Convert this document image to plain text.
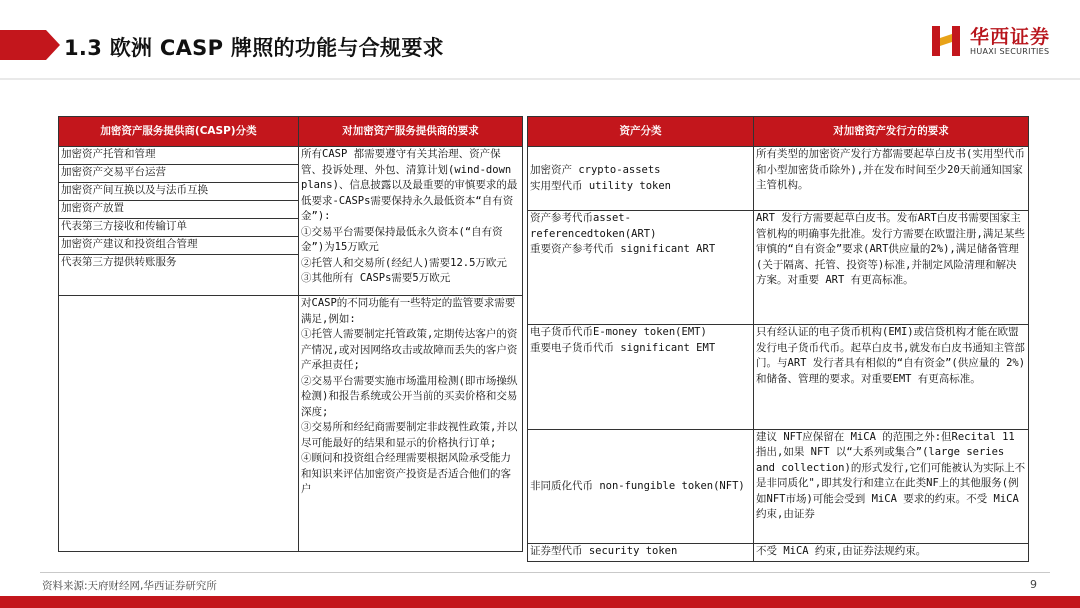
1.3 欧洲 CASP 牌照的功能与合规要求	华西证券
HUAXI SECURITIES
加密资产服务提供商(CASP)分类	对加密资产服务提供商的要求
加密资产托管和管理	所有CASP 都需要遵守有关其治理、资产保管、投诉处理、外包、清算计划(wind-down plans)、信息披露以及最重要的审慎要求的最低要求-CASPs需要保持永久最低资本“自有资金”):
①交易平台需要保持最低永久资本(“自有资金”)为15万欧元
②托管人和交易所(经纪人)需要12.5万欧元
③其他所有 CASPs需要5万欧元
加密资产交易平台运营	
加密资产间互换以及与法币互换	
加密资产放置	
代表第三方接收和传输订单	
加密资产建议和投资组合管理	
代表第三方提供转账服务	
	对CASP的不同功能有一些特定的监管要求需要满足,例如:
①托管人需要制定托管政策,定期传达客户的资产情况,或对因网络攻击或故障而丢失的客户资产承担责任;
②交易平台需要实施市场滥用检测(即市场操纵检测)和报告系统或公开当前的买卖价格和交易深度;
③交易所和经纪商需要制定非歧视性政策,并以尽可能最好的结果和显示的价格执行订单;
④顾问和投资组合经理需要根据风险承受能力和知识来评估加密资产投资是否适合他们的客户
资产分类	对加密资产发行方的要求
加密资产 crypto-assets
实用型代币 utility token	所有类型的加密资产发行方都需要起草白皮书(实用型代币和小型加密货币除外),并在发布时间至少20天前通知国家主管机构。
资产参考代币asset-referencedtoken(ART)
重要资产参考代币 significant ART	ART 发行方需要起草白皮书。发布ART白皮书需要国家主管机构的明确事先批准。发行方需要在欧盟注册,满足某些审慎的“自有资金”要求(ART供应量的2%),满足储备管理(关于隔离、托管、投资等)标准,并制定风险清理和解决方案。对重要 ART 有更高标准。
电子货币代币E-money token(EMT)
重要电子货币代币 significant EMT	只有经认证的电子货币机构(EMI)或信贷机构才能在欧盟发行电子货币代币。起草白皮书,就发布白皮书通知主管部门。与ART 发行者具有相似的“自有资金”(供应量的 2%)和储备、管理的要求。对重要EMT 有更高标准。
非同质化代币 non-fungible token(NFT)	建议 NFT应保留在 MiCA 的范围之外:但Recital 11 指出,如果 NFT 以“大系列或集合”(large series and collection)的形式发行,它们可能被认为实际上不是非同质化",即其发行和建立在此类NF上的其他服务(例如NFT市场)可能会受到 MiCA 要求的约束。不受 MiCA 约束,由证券
证券型代币 security token	不受 MiCA 约束,由证券法规约束。
资料来源:天府财经网,华西证券研究所	9
